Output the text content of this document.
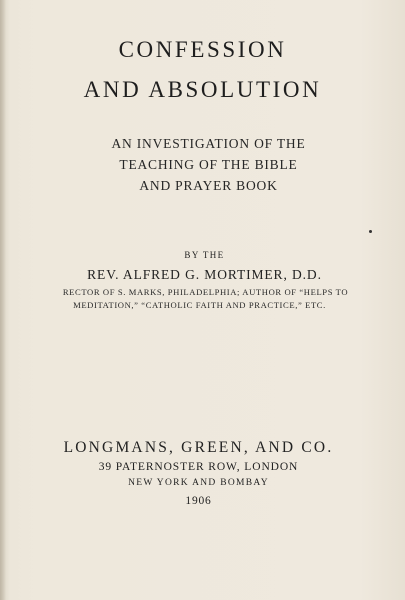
CONFESSION
AND ABSOLUTION
AN INVESTIGATION OF THE
TEACHING OF THE BIBLE
AND PRAYER BOOK
BY THE
REV. ALFRED G. MORTIMER, D.D.
RECTOR OF S. MARKS, PHILADELPHIA; AUTHOR OF “HELPS TO
MEDITATION,” “CATHOLIC FAITH AND PRACTICE,” ETC.
LONGMANS, GREEN, AND CO.
39 PATERNOSTER ROW, LONDON
NEW YORK AND BOMBAY
1906
